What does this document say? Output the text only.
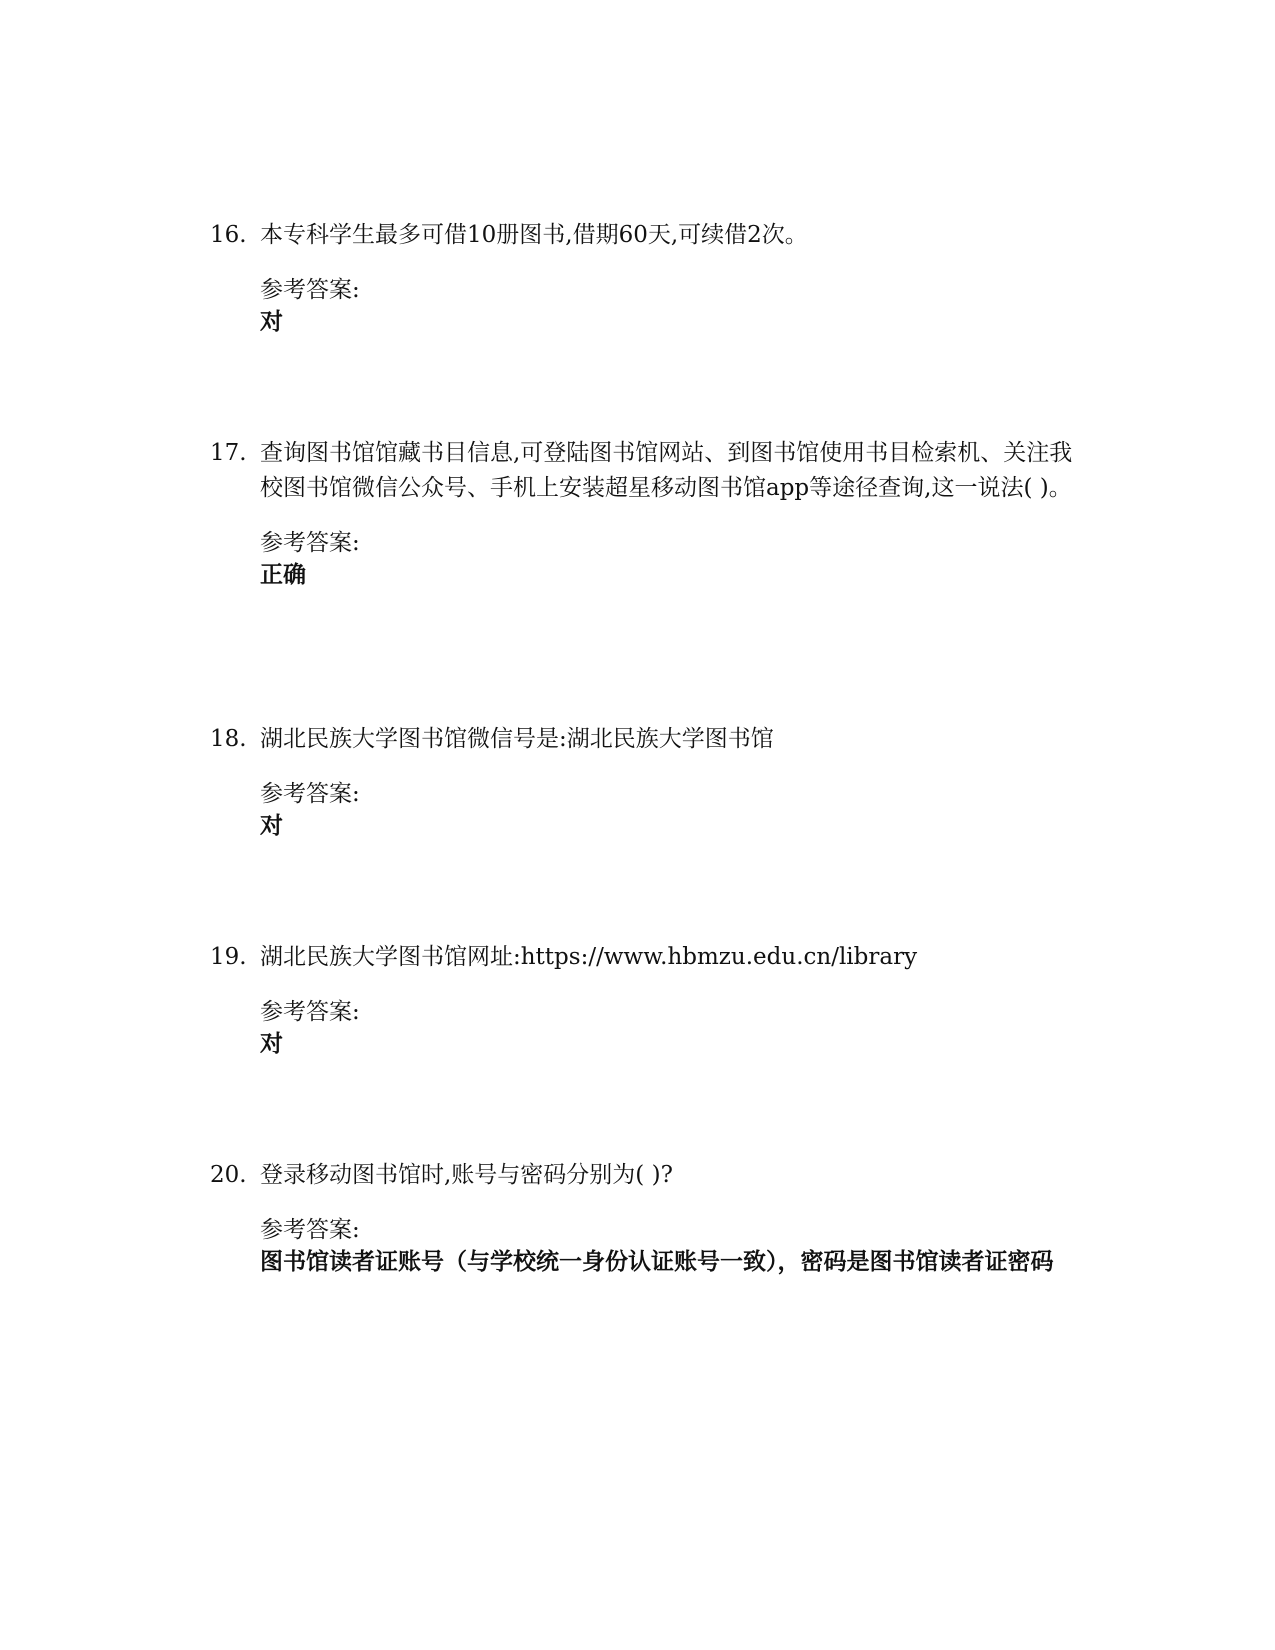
16. 本专科学生最多可借10册图书,借期60天,可续借2次。
参考答案:
对
17. 查询图书馆馆藏书目信息,可登陆图书馆网站、到图书馆使用书目检索机、关注我校图书馆微信公众号、手机上安装超星移动图书馆app等途径查询,这一说法( )。
参考答案:
正确
18. 湖北民族大学图书馆微信号是:湖北民族大学图书馆
参考答案:
对
19. 湖北民族大学图书馆网址:https://www.hbmzu.edu.cn/library
参考答案:
对
20. 登录移动图书馆时,账号与密码分别为( )?
参考答案:
图书馆读者证账号（与学校统一身份认证账号一致），密码是图书馆读者证密码
